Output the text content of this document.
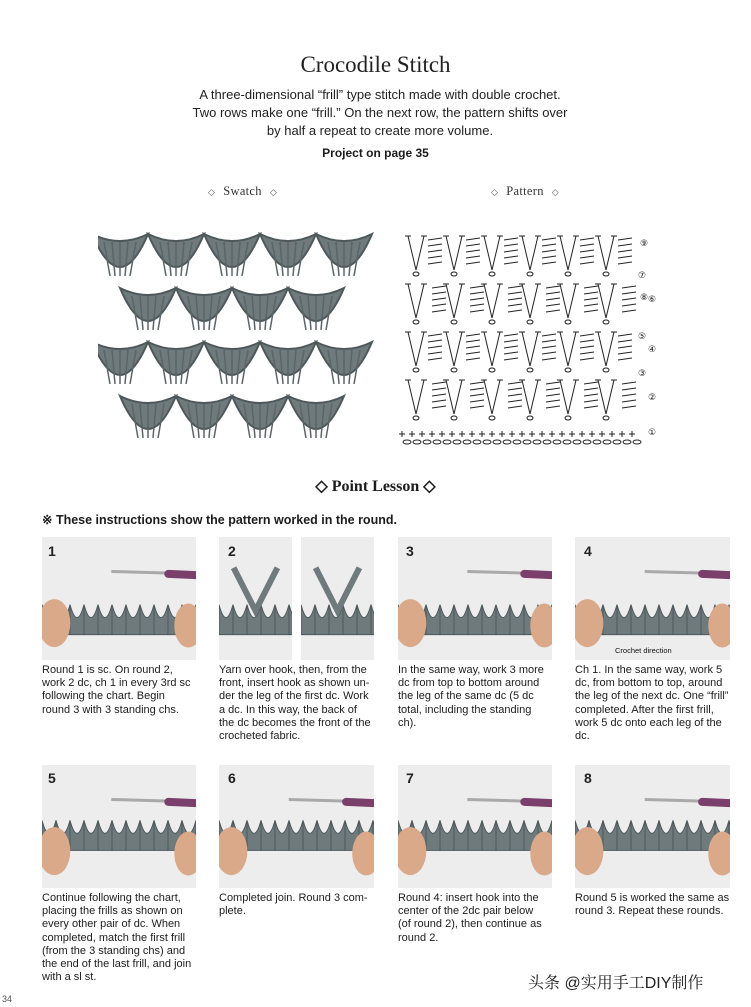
Crocodile Stitch
A three-dimensional “frill” type stitch made with double crochet.
Two rows make one “frill.” On the next row, the pattern shifts over
by half a repeat to create more volume.
Project on page 35
◇ Swatch ◇	◇ Pattern ◇
⑨
⑧
⑦
⑥
⑤
④
③
②
①
◇ Point Lesson ◇
※ These instructions show the pattern worked in the round.
Crochet direction
1	2	3	4
5	6	7	8
Round 1 is sc. On round 2, work 2 dc, ch 1 in every 3rd sc following the chart. Begin round 3 with 3 standing chs.
Yarn over hook, then, from the front, insert hook as shown under the leg of the first dc. Work a dc. In this way, the back of the dc becomes the front of the crocheted fabric.
In the same way, work 3 more dc from top to bottom around the leg of the same dc (5 dc total, including the standing ch).
Ch 1. In the same way, work 5 dc, from bottom to top, around the leg of the next dc. One “frill” completed. After the first frill, work 5 dc onto each leg of the dc.
Continue following the chart, placing the frills as shown on every other pair of dc. When completed, match the first frill (from the 3 standing chs) and the end of the last frill, and join with a sl st.
Completed join. Round 3 complete.
Round 4: insert hook into the center of the 2dc pair below (of round 2), then continue as round 2.
Round 5 is worked the same as round 3. Repeat these rounds.
头条 @实用手工DIY制作
34
